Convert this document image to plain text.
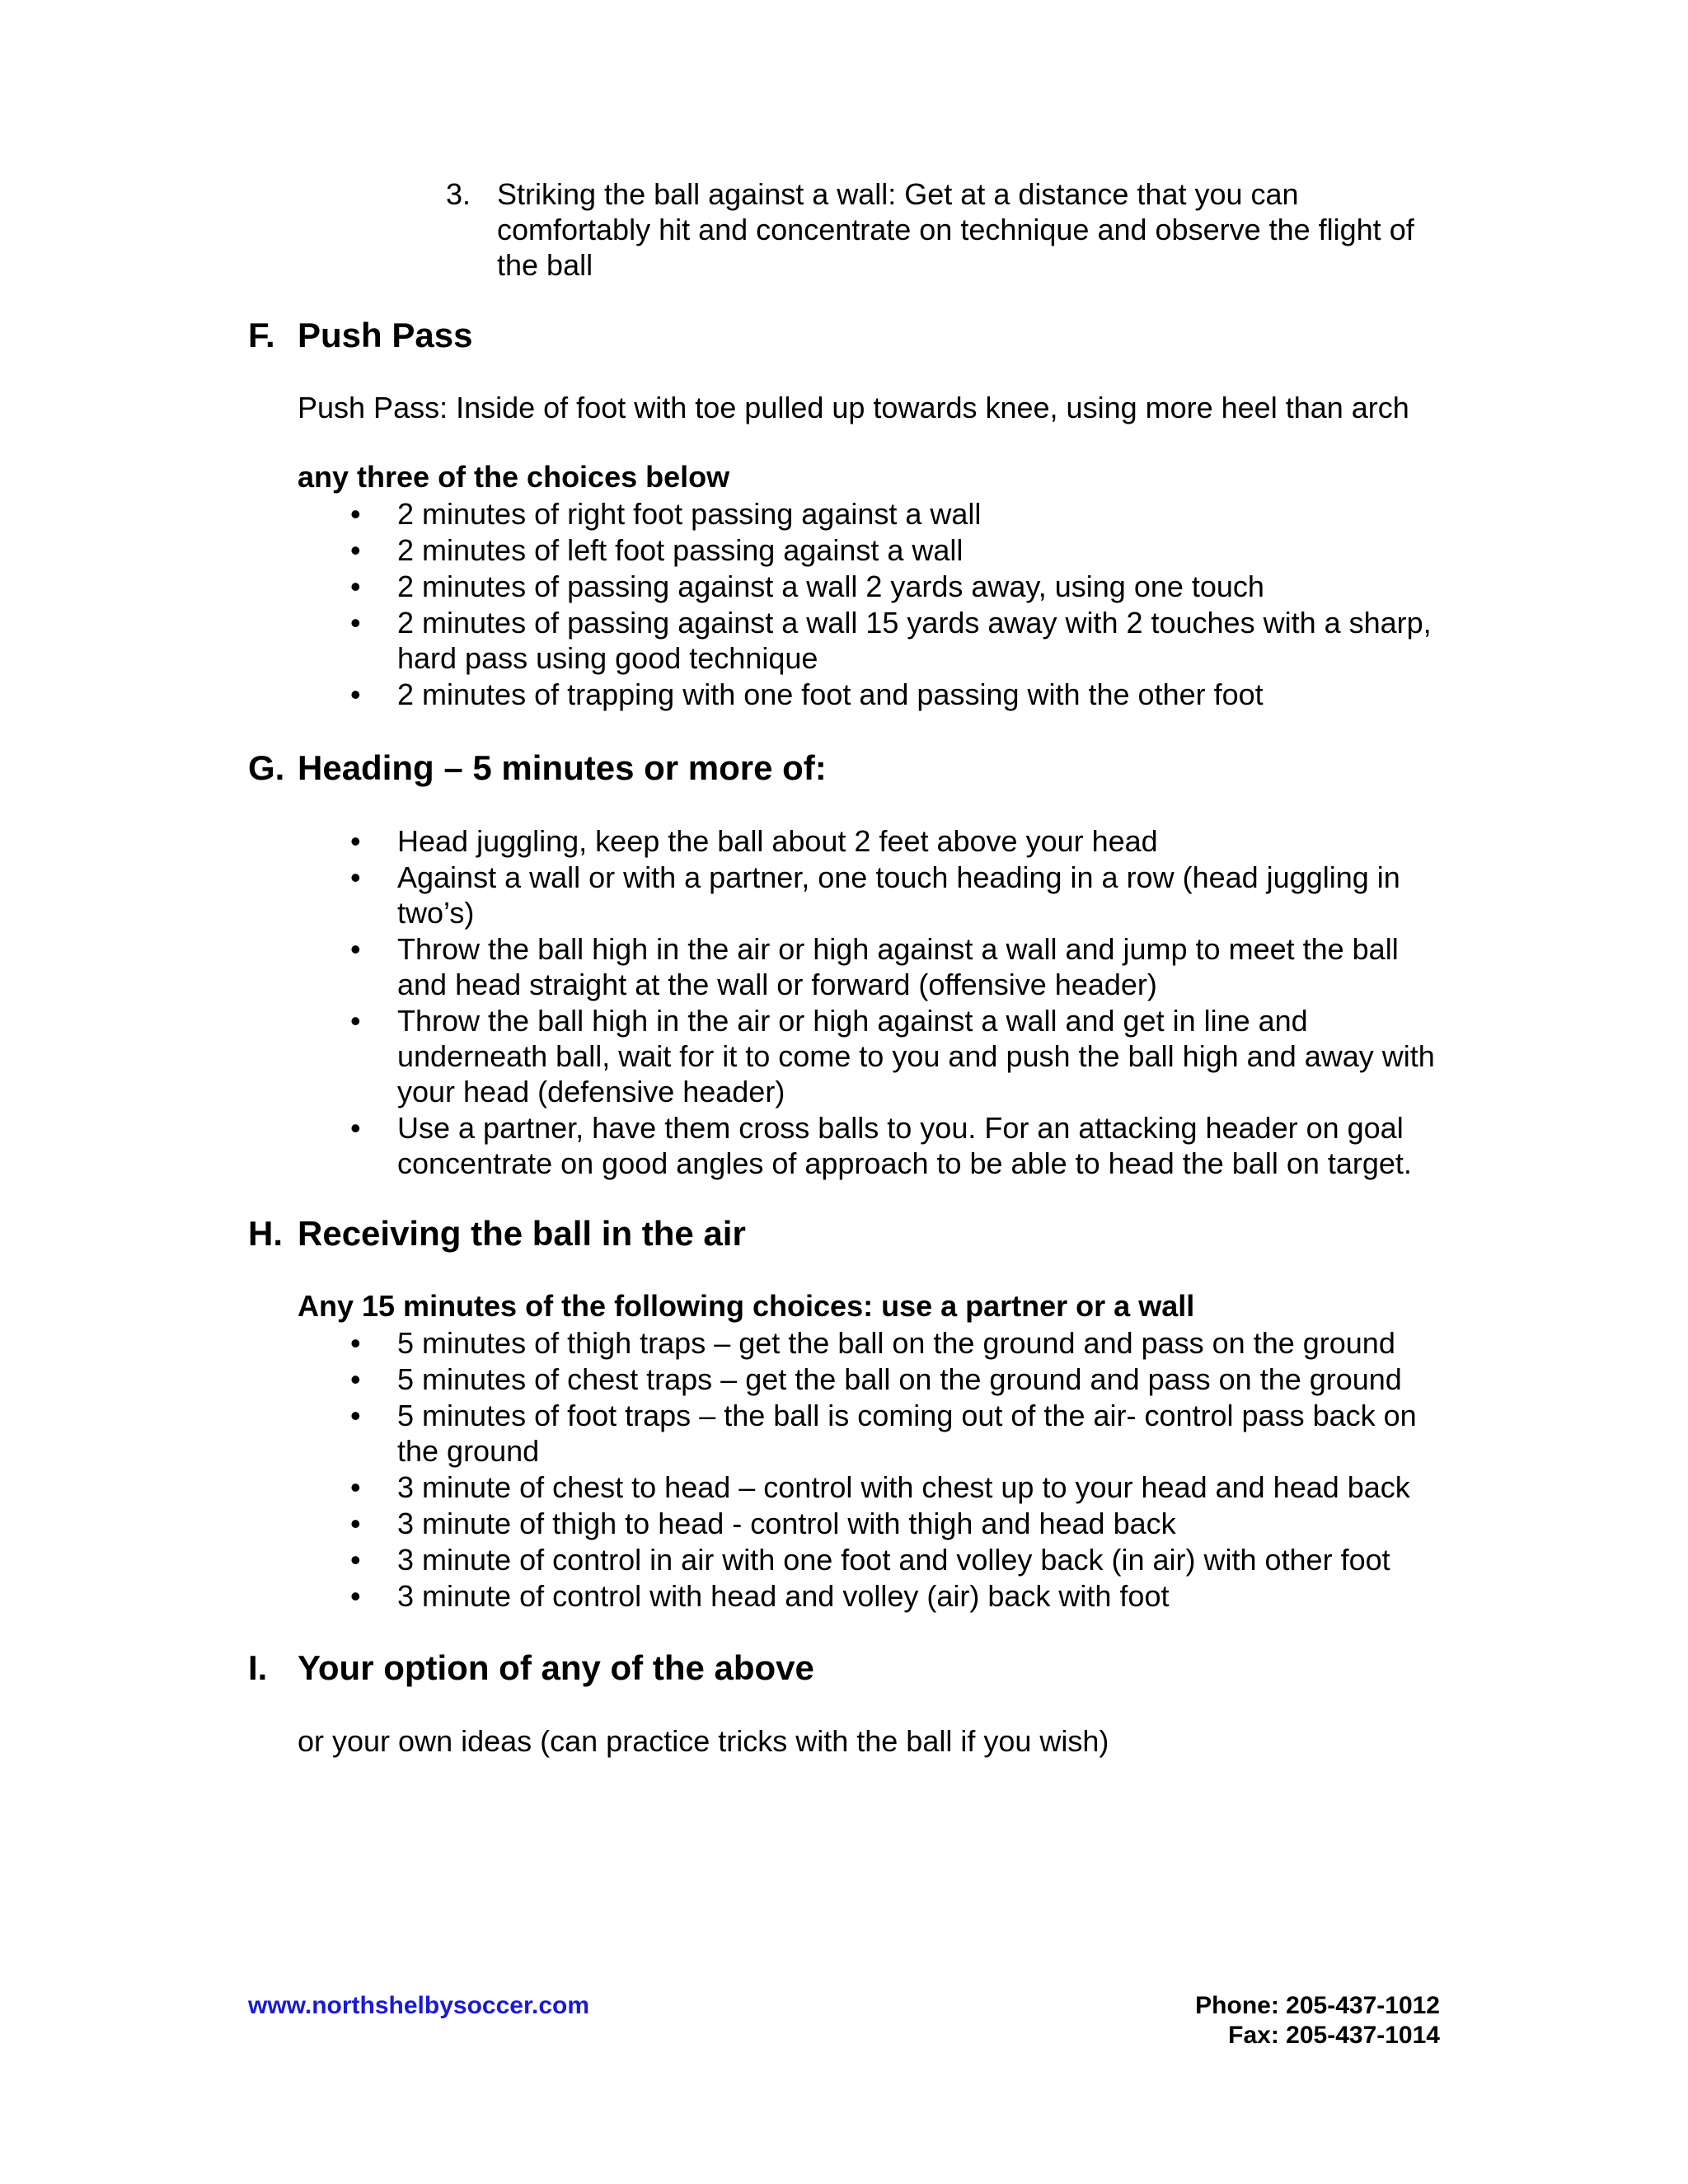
3. Striking the ball against a wall: Get at a distance that you can comfortably hit and concentrate on technique and observe the flight of the ball
F. Push Pass
Push Pass: Inside of foot with toe pulled up towards knee, using more heel than arch
any three of the choices below
• 2 minutes of right foot passing against a wall
• 2 minutes of left foot passing against a wall
• 2 minutes of passing against a wall 2 yards away, using one touch
• 2 minutes of passing against a wall 15 yards away with 2 touches with a sharp, hard pass using good technique
• 2 minutes of trapping with one foot and passing with the other foot
G. Heading – 5 minutes or more of:
• Head juggling, keep the ball about 2 feet above your head
• Against a wall or with a partner, one touch heading in a row (head juggling in two’s)
• Throw the ball high in the air or high against a wall and jump to meet the ball and head straight at the wall or forward (offensive header)
• Throw the ball high in the air or high against a wall and get in line and underneath ball, wait for it to come to you and push the ball high and away with your head (defensive header)
• Use a partner, have them cross balls to you. For an attacking header on goal concentrate on good angles of approach to be able to head the ball on target.
H. Receiving the ball in the air
Any 15 minutes of the following choices: use a partner or a wall
• 5 minutes of thigh traps – get the ball on the ground and pass on the ground
• 5 minutes of chest traps – get the ball on the ground and pass on the ground
• 5 minutes of foot traps – the ball is coming out of the air- control pass back on the ground
• 3 minute of chest to head – control with chest up to your head and head back
• 3 minute of thigh to head - control with thigh and head back
• 3 minute of control in air with one foot and volley back (in air) with other foot
• 3 minute of control with head and volley (air) back with foot
I. Your option of any of the above
or your own ideas (can practice tricks with the ball if you wish)
www.northshelbysoccer.com	Phone: 205-437-1012
Fax: 205-437-1014
